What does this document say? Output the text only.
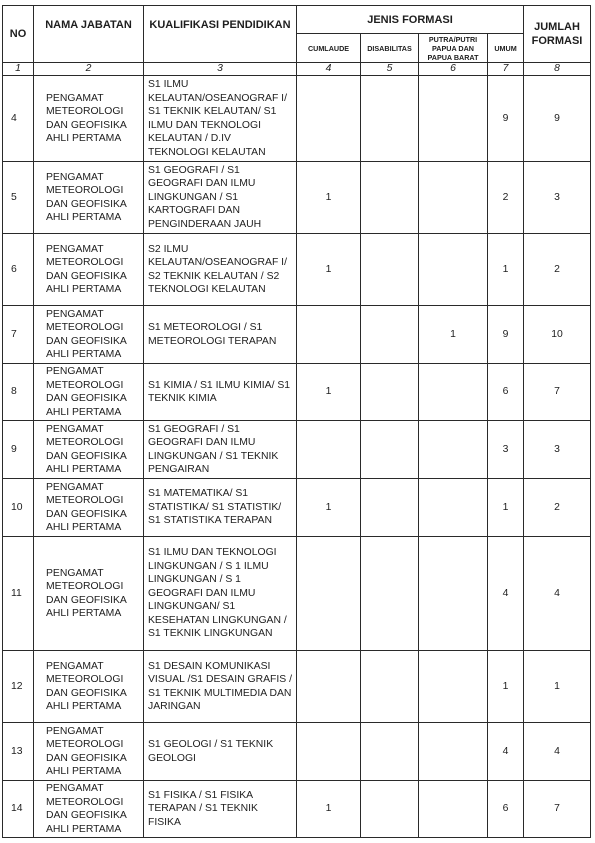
NO	NAMA JABATAN	KUALIFIKASI PENDIDIKAN	JENIS FORMASI				JUMLAH FORMASI
			CUMLAUDE	DISABILITAS	PUTRA/PUTRI PAPUA DAN PAPUA BARAT	UMUM	
1	2	3	4	5	6	7	8
4	PENGAMAT METEOROLOGI DAN GEOFISIKA AHLI PERTAMA	S1 ILMU KELAUTAN/OSEANOGRAF I/ S1 TEKNIK KELAUTAN/ S1 ILMU DAN TEKNOLOGI KELAUTAN / D.IV TEKNOLOGI KELAUTAN				9	9
5	PENGAMAT METEOROLOGI DAN GEOFISIKA AHLI PERTAMA	S1 GEOGRAFI / S1 GEOGRAFI DAN ILMU LINGKUNGAN / S1 KARTOGRAFI DAN PENGINDERAAN JAUH	1			2	3
6	PENGAMAT METEOROLOGI DAN GEOFISIKA AHLI PERTAMA	S2 ILMU KELAUTAN/OSEANOGRAF I/ S2 TEKNIK KELAUTAN / S2 TEKNOLOGI KELAUTAN	1			1	2
7	PENGAMAT METEOROLOGI DAN GEOFISIKA AHLI PERTAMA	S1 METEOROLOGI / S1 METEOROLOGI TERAPAN			1	9	10
8	PENGAMAT METEOROLOGI DAN GEOFISIKA AHLI PERTAMA	S1 KIMIA / S1 ILMU KIMIA/ S1 TEKNIK KIMIA	1			6	7
9	PENGAMAT METEOROLOGI DAN GEOFISIKA AHLI PERTAMA	S1 GEOGRAFI / S1 GEOGRAFI DAN ILMU LINGKUNGAN / S1 TEKNIK PENGAIRAN				3	3
10	PENGAMAT METEOROLOGI DAN GEOFISIKA AHLI PERTAMA	S1 MATEMATIKA/ S1 STATISTIKA/ S1 STATISTIK/ S1 STATISTIKA TERAPAN	1			1	2
11	PENGAMAT METEOROLOGI DAN GEOFISIKA AHLI PERTAMA	S1 ILMU DAN TEKNOLOGI LINGKUNGAN / S 1 ILMU LINGKUNGAN / S 1 GEOGRAFI DAN ILMU LINGKUNGAN/ S1 KESEHATAN LINGKUNGAN / S1 TEKNIK LINGKUNGAN				4	4
12	PENGAMAT METEOROLOGI DAN GEOFISIKA AHLI PERTAMA	S1 DESAIN KOMUNIKASI VISUAL /S1 DESAIN GRAFIS / S1 TEKNIK MULTIMEDIA DAN JARINGAN				1	1
13	PENGAMAT METEOROLOGI DAN GEOFISIKA AHLI PERTAMA	S1 GEOLOGI / S1 TEKNIK GEOLOGI				4	4
14	PENGAMAT METEOROLOGI DAN GEOFISIKA AHLI PERTAMA	S1 FISIKA / S1 FISIKA TERAPAN / S1 TEKNIK FISIKA	1			6	7
